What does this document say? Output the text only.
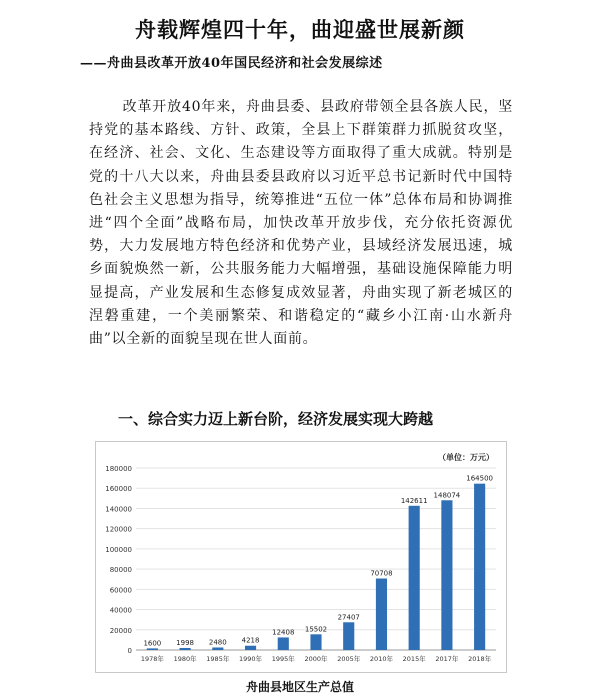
舟载辉煌四十年，曲迎盛世展新颜
——舟曲县改革开放40年国民经济和社会发展综述

改革开放40年来，舟曲县委、县政府带领全县各族人民，坚持党的基本路线、方针、政策，全县上下群策群力抓脱贫攻坚，在经济、社会、文化、生态建设等方面取得了重大成就。特别是党的十八大以来，舟曲县委县政府以习近平总书记新时代中国特色社会主义思想为指导，统筹推进“五位一体”总体布局和协调推进“四个全面”战略布局，加快改革开放步伐，充分依托资源优势，大力发展地方特色经济和优势产业，县域经济发展迅速，城乡面貌焕然一新，公共服务能力大幅增强，基础设施保障能力明显提高，产业发展和生态修复成效显著，舟曲实现了新老城区的涅磐重建，一个美丽繁荣、和谐稳定的“藏乡小江南·山水新舟曲”以全新的面貌呈现在世人面前。

一、综合实力迈上新台阶，经济发展实现大跨越
0
20000
40000
60000
80000
100000
120000
140000
160000
180000
（单位：万元）
1600
1978年
1998
1980年
2480
1985年
4218
1990年
12408
1995年
15502
2000年
27407
2005年
70708
2010年
142611
2015年
148074
2017年
164500
2018年
舟曲县地区生产总值
